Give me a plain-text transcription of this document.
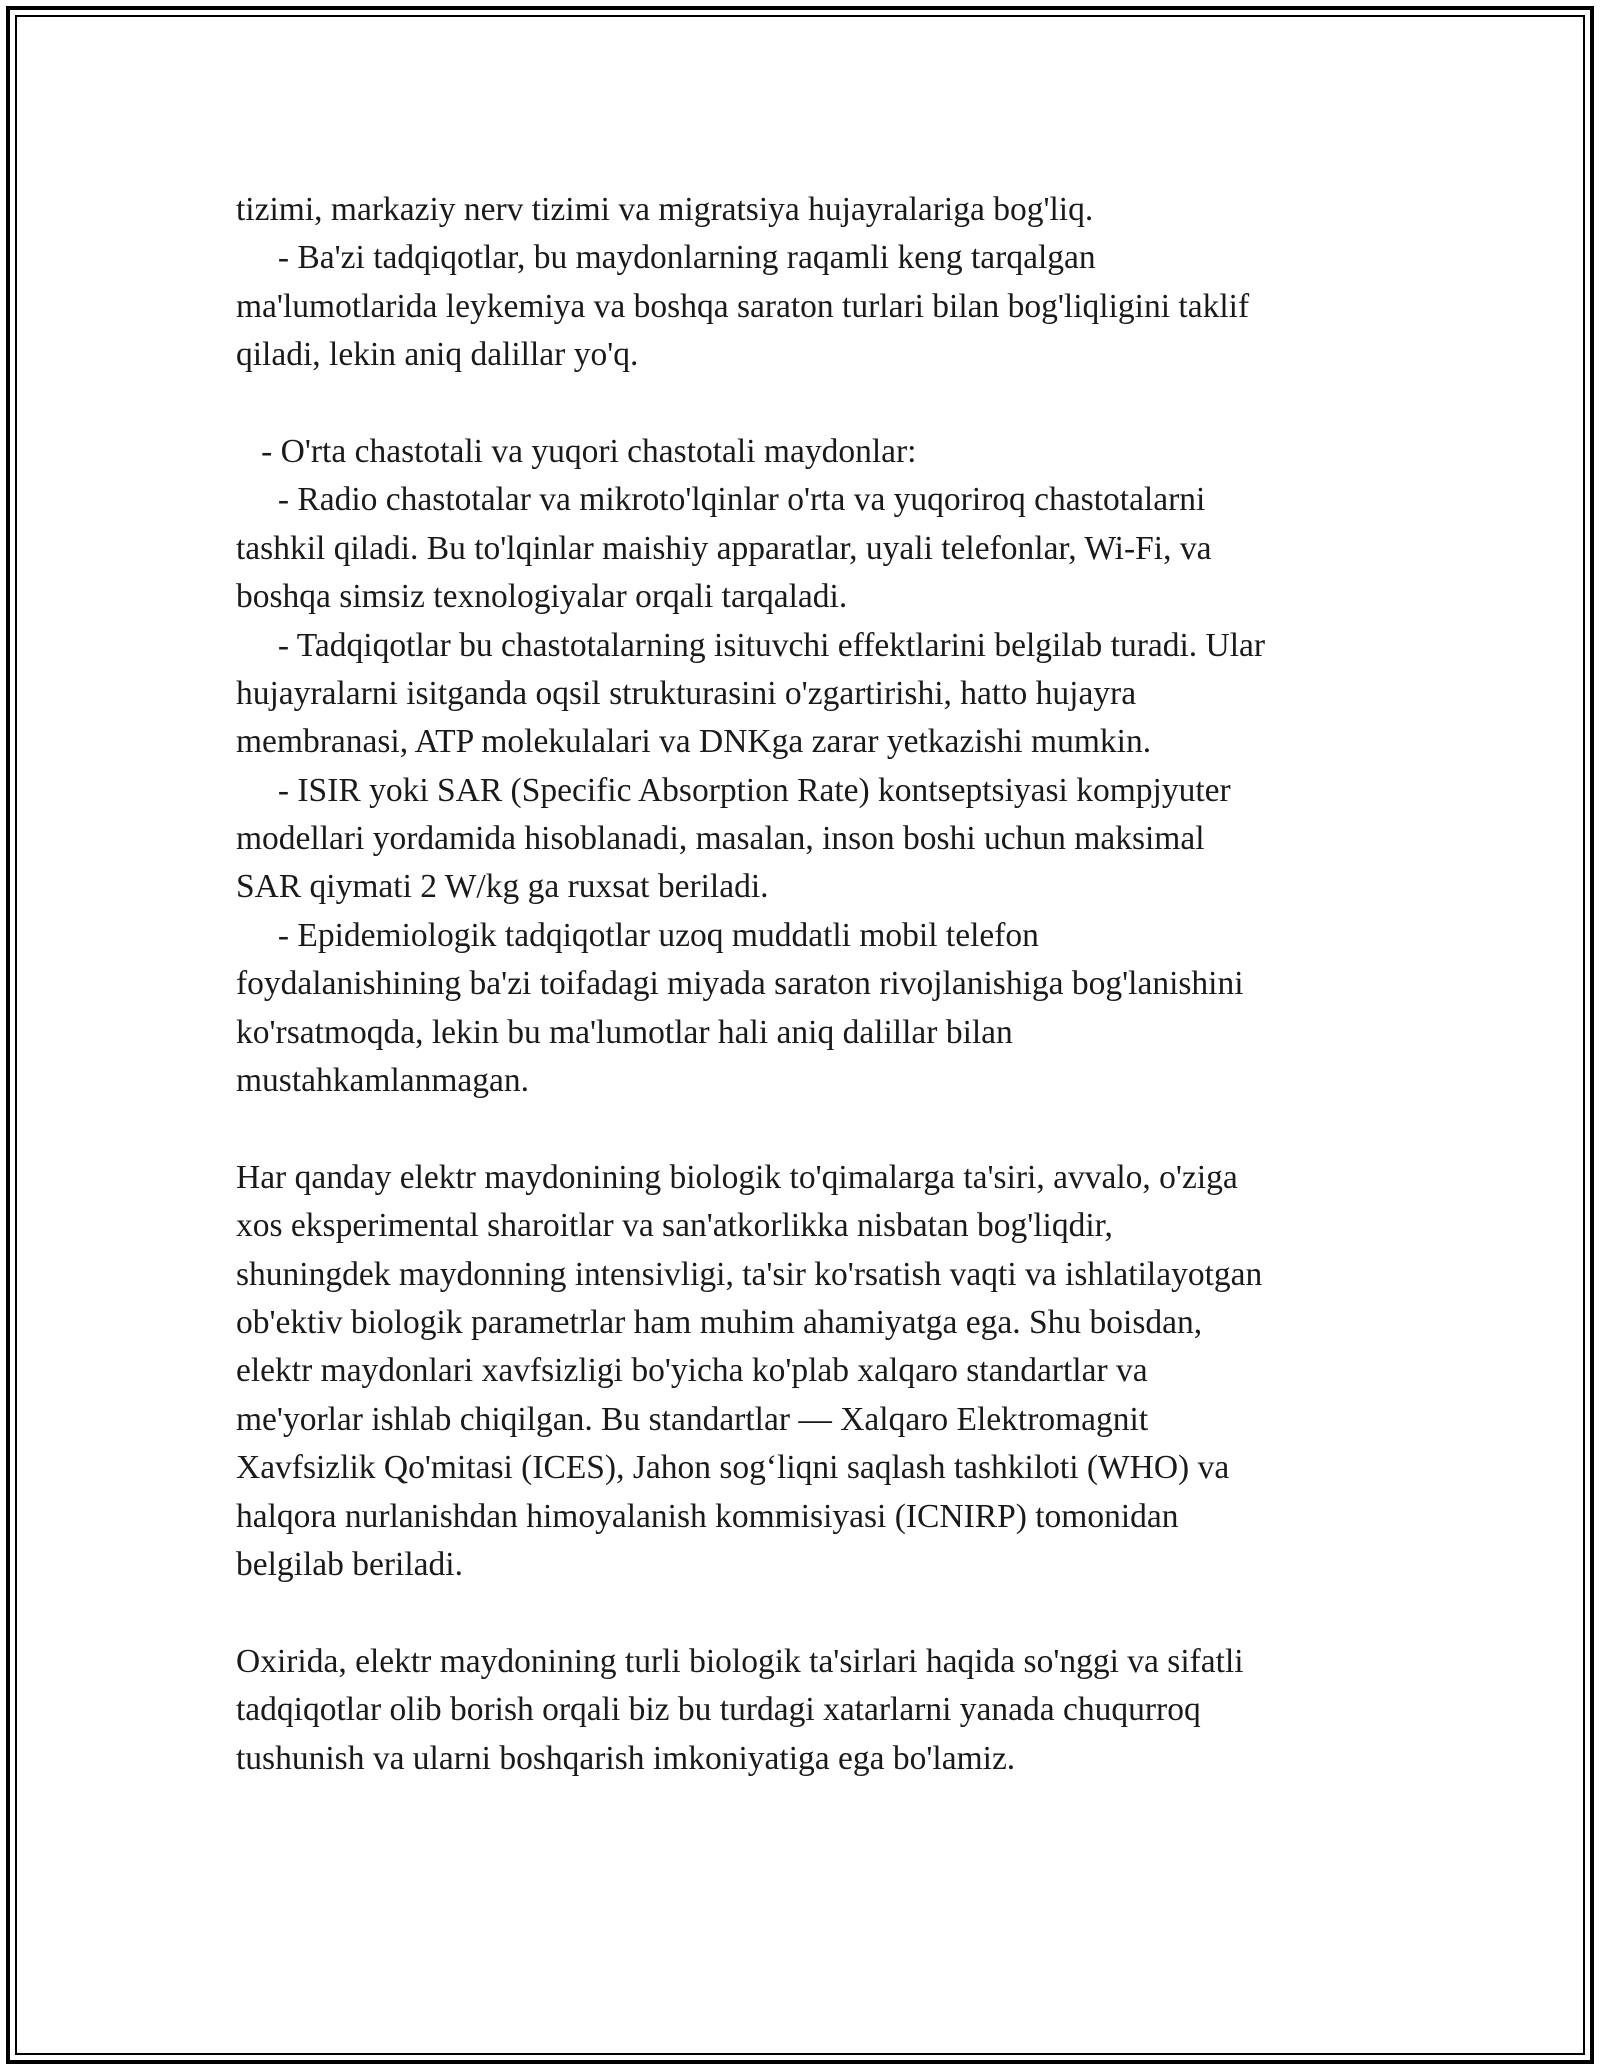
tizimi, markaziy nerv tizimi va migratsiya hujayralariga bog'liq.
- Ba'zi tadqiqotlar, bu maydonlarning raqamli keng tarqalgan
ma'lumotlarida leykemiya va boshqa saraton turlari bilan bog'liqligini taklif
qiladi, lekin aniq dalillar yo'q.
- O'rta chastotali va yuqori chastotali maydonlar:
- Radio chastotalar va mikroto'lqinlar o'rta va yuqoriroq chastotalarni
tashkil qiladi. Bu to'lqinlar maishiy apparatlar, uyali telefonlar, Wi-Fi, va
boshqa simsiz texnologiyalar orqali tarqaladi.
- Tadqiqotlar bu chastotalarning isituvchi effektlarini belgilab turadi. Ular
hujayralarni isitganda oqsil strukturasini o'zgartirishi, hatto hujayra
membranasi, ATP molekulalari va DNKga zarar yetkazishi mumkin.
- ISIR yoki SAR (Specific Absorption Rate) kontseptsiyasi kompjyuter
modellari yordamida hisoblanadi, masalan, inson boshi uchun maksimal
SAR qiymati 2 W/kg ga ruxsat beriladi.
- Epidemiologik tadqiqotlar uzoq muddatli mobil telefon
foydalanishining ba'zi toifadagi miyada saraton rivojlanishiga bog'lanishini
ko'rsatmoqda, lekin bu ma'lumotlar hali aniq dalillar bilan
mustahkamlanmagan.
Har qanday elektr maydonining biologik to'qimalarga ta'siri, avvalo, o'ziga
xos eksperimental sharoitlar va san'atkorlikka nisbatan bog'liqdir,
shuningdek maydonning intensivligi, ta'sir ko'rsatish vaqti va ishlatilayotgan
ob'ektiv biologik parametrlar ham muhim ahamiyatga ega. Shu boisdan,
elektr maydonlari xavfsizligi bo'yicha ko'plab xalqaro standartlar va
me'yorlar ishlab chiqilgan. Bu standartlar — Xalqaro Elektromagnit
Xavfsizlik Qo'mitasi (ICES), Jahon sog‘liqni saqlash tashkiloti (WHO) va
halqora nurlanishdan himoyalanish kommisiyasi (ICNIRP) tomonidan
belgilab beriladi.
Oxirida, elektr maydonining turli biologik ta'sirlari haqida so'nggi va sifatli
tadqiqotlar olib borish orqali biz bu turdagi xatarlarni yanada chuqurroq
tushunish va ularni boshqarish imkoniyatiga ega bo'lamiz.
